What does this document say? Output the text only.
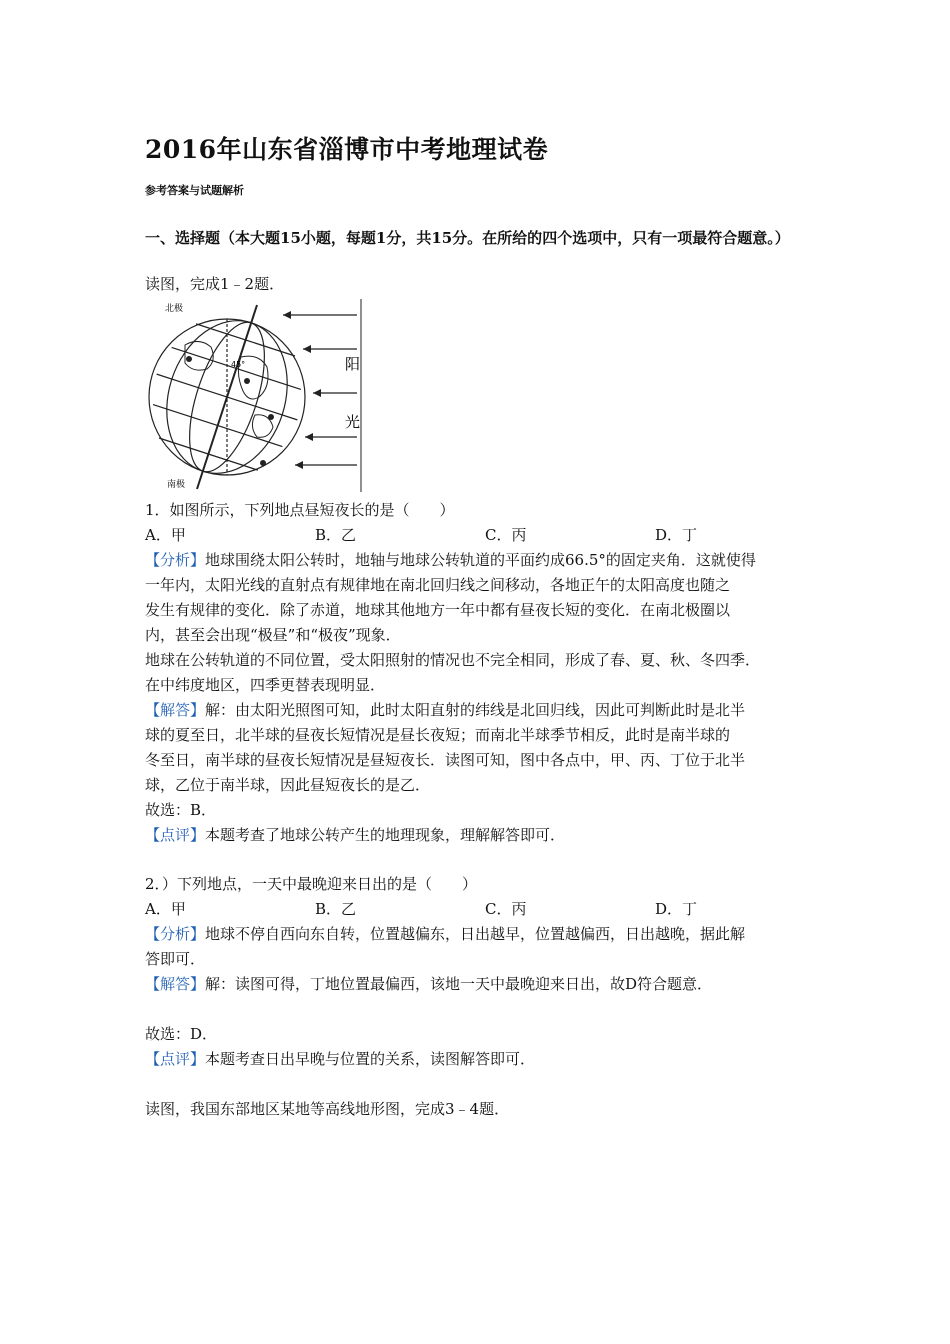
2016年山东省淄博市中考地理试卷
参考答案与试题解析
一、选择题（本大题15小题，每题1分，共15分。在所给的四个选项中，只有一项最符合题意。）
读图，完成1﹣2题．
北极
南极
45°	阳
光
1．如图所示，下列地点昼短夜长的是（　　）
A．甲	B．乙	C．丙	D．丁
【分析】地球围绕太阳公转时，地轴与地球公转轨道的平面约成66.5°的固定夹角．这就使得
一年内，太阳光线的直射点有规律地在南北回归线之间移动，各地正午的太阳高度也随之
发生有规律的变化．除了赤道，地球其他地方一年中都有昼夜长短的变化．在南北极圈以
内，甚至会出现“极昼”和“极夜”现象．
地球在公转轨道的不同位置，受太阳照射的情况也不完全相同，形成了春、夏、秋、冬四季．
在中纬度地区，四季更替表现明显．
【解答】解：由太阳光照图可知，此时太阳直射的纬线是北回归线，因此可判断此时是北半
球的夏至日，北半球的昼夜长短情况是昼长夜短；而南北半球季节相反，此时是南半球的
冬至日，南半球的昼夜长短情况是昼短夜长．读图可知，图中各点中，甲、丙、丁位于北半
球，乙位于南半球，因此昼短夜长的是乙．
故选：B．
【点评】本题考查了地球公转产生的地理现象，理解解答即可．
2．）下列地点，一天中最晚迎来日出的是（　　）
A．甲	B．乙	C．丙	D．丁
【分析】地球不停自西向东自转，位置越偏东，日出越早，位置越偏西，日出越晚，据此解
答即可．
【解答】解：读图可得，丁地位置最偏西，该地一天中最晚迎来日出，故D符合题意．
故选：D．
【点评】本题考查日出早晚与位置的关系，读图解答即可．
读图，我国东部地区某地等高线地形图，完成3﹣4题．
